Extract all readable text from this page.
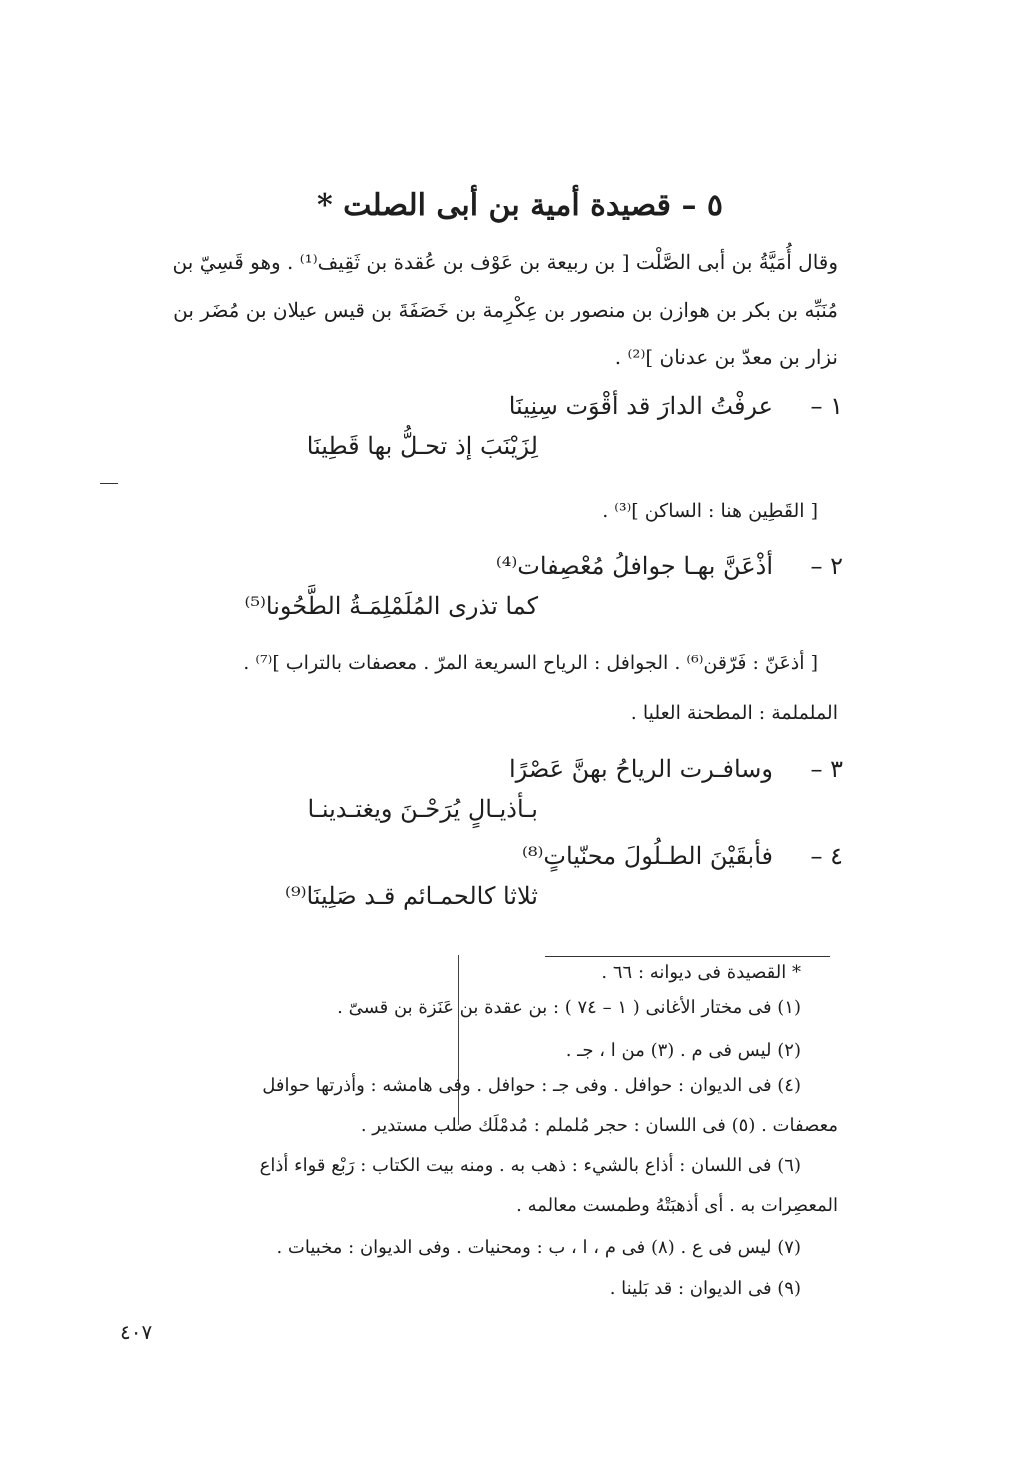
٥ – قصيدة أمية بن أبى الصلت *
وقال أُمَيَّةُ بن أبى الصَّلْت [ بن ربيعة بن عَوْف بن عُقدة بن ثَقِيف⁽¹⁾ . وهو قَسِيّ بن
مُنَبِّه بن بكر بن هوازن بن منصور بن عِكْرِمة بن خَصَفَةَ بن قيس عيلان بن مُضَر بن
نزار بن معدّ بن عدنان ]⁽²⁾ .
١ –
عرفْتُ الدارَ قد أقْوَت سِنِينَا
لِزَيْنَبَ إذ تحـلُّ بها قَطِينَا
[ القَطِين هنا : الساكن ]⁽³⁾ .
٢ –
أذْعَنَّ بهـا جوافلُ مُعْصِفات⁽⁴⁾
كما تذرى المُلَمْلِمَـةُ الطَّحُونا⁽⁵⁾
[ أذعَنّ : فَرّقن⁽⁶⁾ . الجوافل : الرياح السريعة المرّ . معصفات بالتراب ]⁽⁷⁾ .
الململمة : المطحنة العليا .
٣ –
وسافـرت الرياحُ بهنَّ عَصْرًا
بـأذيـالٍ يُرَحْـنَ ويغتـدينـا
٤ –
فأبقَيْنَ الطـلُولَ محنّياتٍ⁽⁸⁾
ثلاثا كالحمـائم قـد صَلِينَا⁽⁹⁾
* القصيدة فى ديوانه : ٦٦ .
(١) فى مختار الأغانى ( ١ – ٧٤ ) : بن عقدة بن عَنَزة بن قسىّ .
(٢) ليس فى م . (٣) من ا ، جـ .
(٤) فى الديوان : حوافل . وفى جـ : حوافل . وفى هامشه : وأذرتها حوافل
معصفات . (٥) فى اللسان : حجر مُلملم : مُدمْلَك صلب مستدير .
(٦) فى اللسان : أذاع بالشيء : ذهب به . ومنه بيت الكتاب : رَبْع قواء أذاع
المعصِرات به . أى أذهبَتْهُ وطمست معالمه .
(٧) ليس فى ع . (٨) فى م ، ا ، ب : ومحنيات . وفى الديوان : مخبيات .
(٩) فى الديوان : قد بَلينا .
٤٠٧
